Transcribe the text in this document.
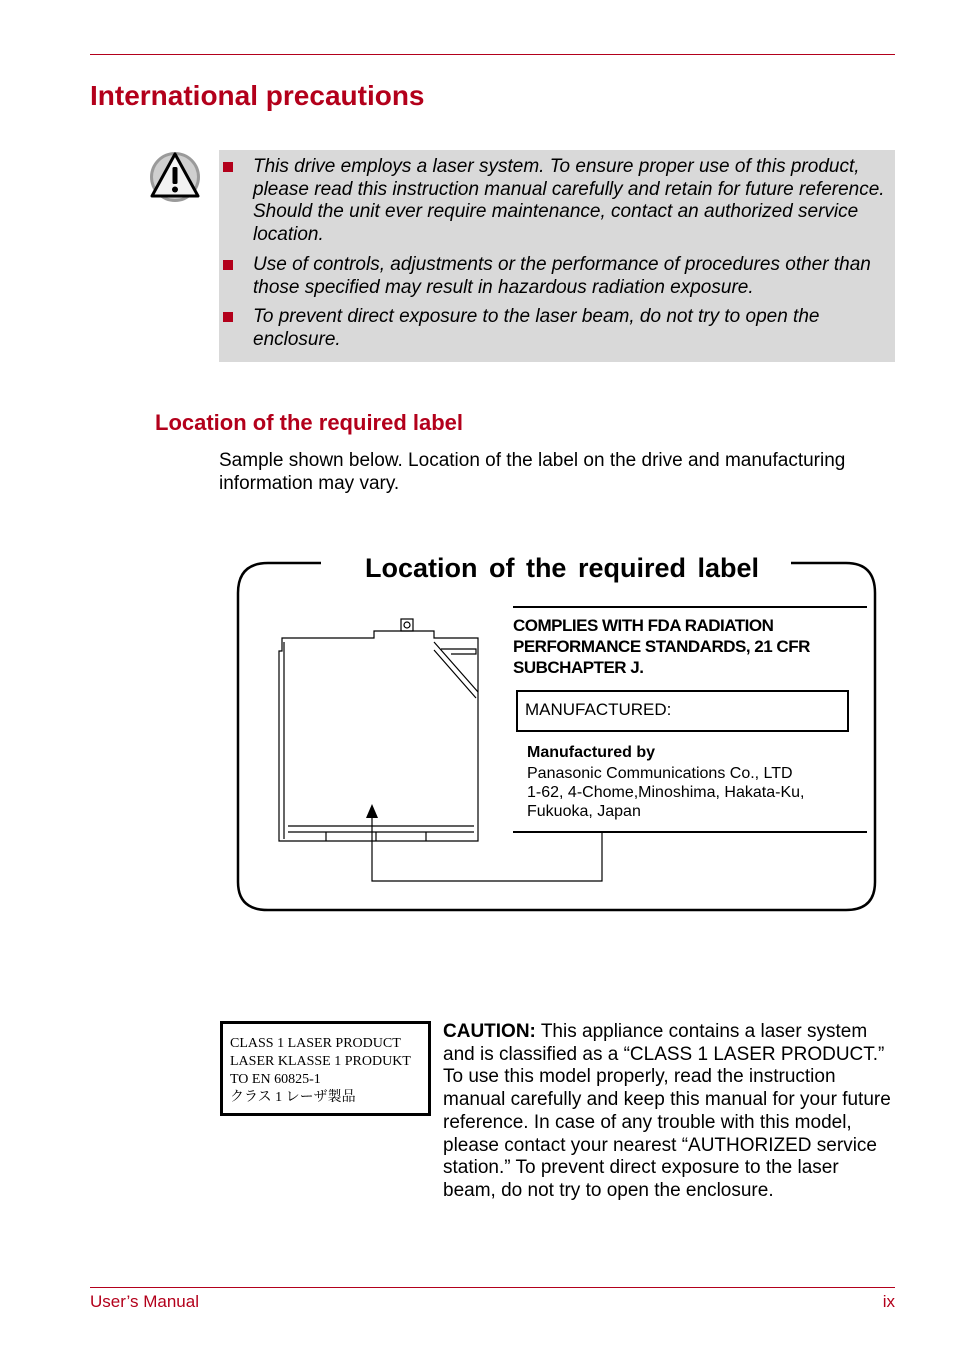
International precautions
This drive employs a laser system. To ensure proper use of this product, please read this instruction manual carefully and retain for future reference. Should the unit ever require maintenance, contact an authorized service location.
Use of controls, adjustments or the performance of procedures other than those specified may result in hazardous radiation exposure.
To prevent direct exposure to the laser beam, do not try to open the enclosure.
Location of the required label

Sample shown below. Location of the label on the drive and manufacturing information may vary.

Location of the required label
COMPLIES WITH FDA RADIATION
PERFORMANCE STANDARDS, 21 CFR
SUBCHAPTER J.
MANUFACTURED:
Manufactured by
Panasonic Communications Co., LTD
1-62, 4-Chome,Minoshima, Hakata-Ku,
Fukuoka, Japan
CLASS 1 LASER PRODUCT
LASER KLASSE 1 PRODUKT
TO EN 60825-1
クラス 1 レーザ製品

CAUTION: This appliance contains a laser system and is classified as a “CLASS 1 LASER PRODUCT.” To use this model properly, read the instruction manual carefully and keep this manual for your future reference. In case of any trouble with this model, please contact your nearest “AUTHORIZED service station.” To prevent direct exposure to the laser beam, do not try to open the enclosure.

User’s Manual	ix
